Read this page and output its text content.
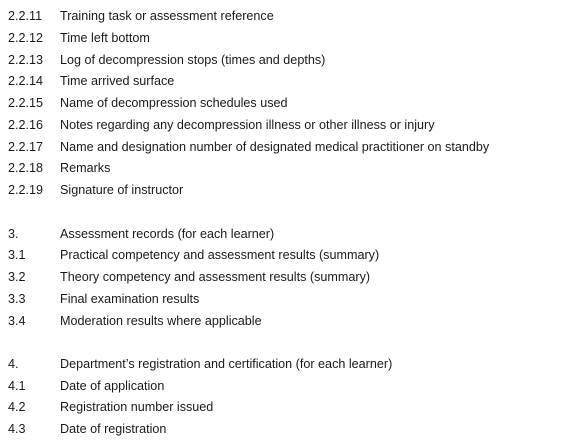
2.2.11 Training task or assessment reference
2.2.12 Time left bottom
2.2.13 Log of decompression stops (times and depths)
2.2.14 Time arrived surface
2.2.15 Name of decompression schedules used
2.2.16 Notes regarding any decompression illness or other illness or injury
2.2.17 Name and designation number of designated medical practitioner on standby
2.2.18 Remarks
2.2.19 Signature of instructor
3.	Assessment records (for each learner)
3.1	Practical competency and assessment results (summary)
3.2	Theory competency and assessment results (summary)
3.3	Final examination results
3.4	Moderation results where applicable
4.	Department’s registration and certification (for each learner)
4.1	Date of application
4.2	Registration number issued
4.3	Date of registration
